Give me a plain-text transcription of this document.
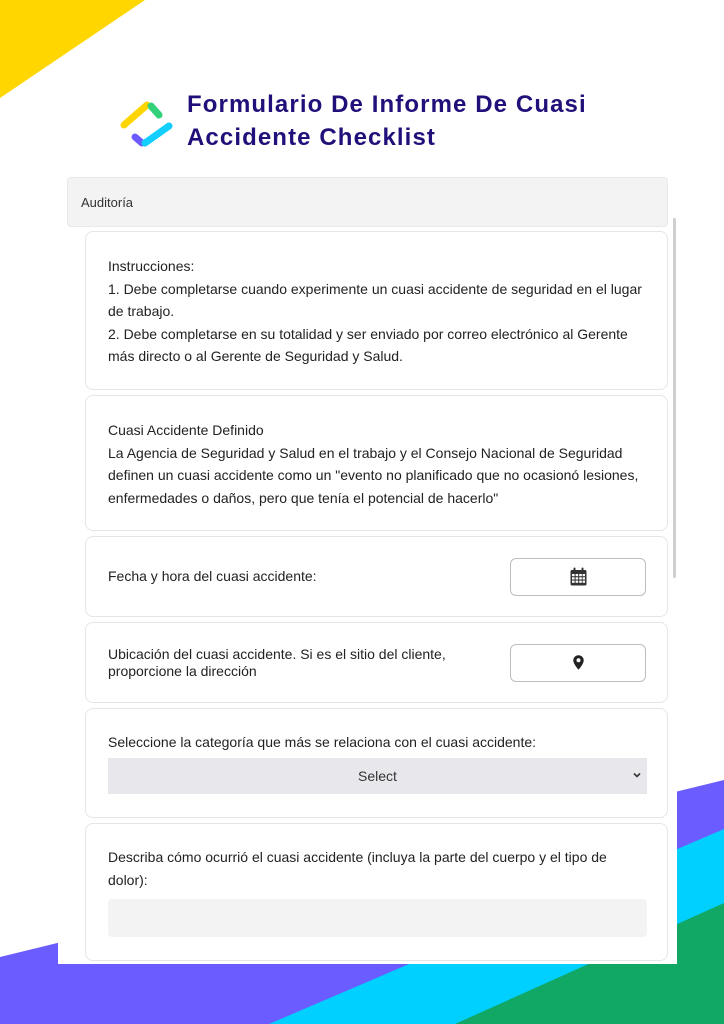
Formulario De Informe De Cuasi Accidente Checklist
Auditoría
Instrucciones:
1. Debe completarse cuando experimente un cuasi accidente de seguridad en el lugar de trabajo.
2. Debe completarse en su totalidad y ser enviado por correo electrónico al Gerente más directo o al Gerente de Seguridad y Salud.
Cuasi Accidente Definido
La Agencia de Seguridad y Salud en el trabajo y el Consejo Nacional de Seguridad definen un cuasi accidente como un "evento no planificado que no ocasionó lesiones, enfermedades o daños, pero que tenía el potencial de hacerlo"
Fecha y hora del cuasi accidente:
Ubicación del cuasi accidente. Si es el sitio del cliente, proporcione la dirección
Seleccione la categoría que más se relaciona con el cuasi accidente:
Select
Describa cómo ocurrió el cuasi accidente (incluya la parte del cuerpo y el tipo de dolor):
